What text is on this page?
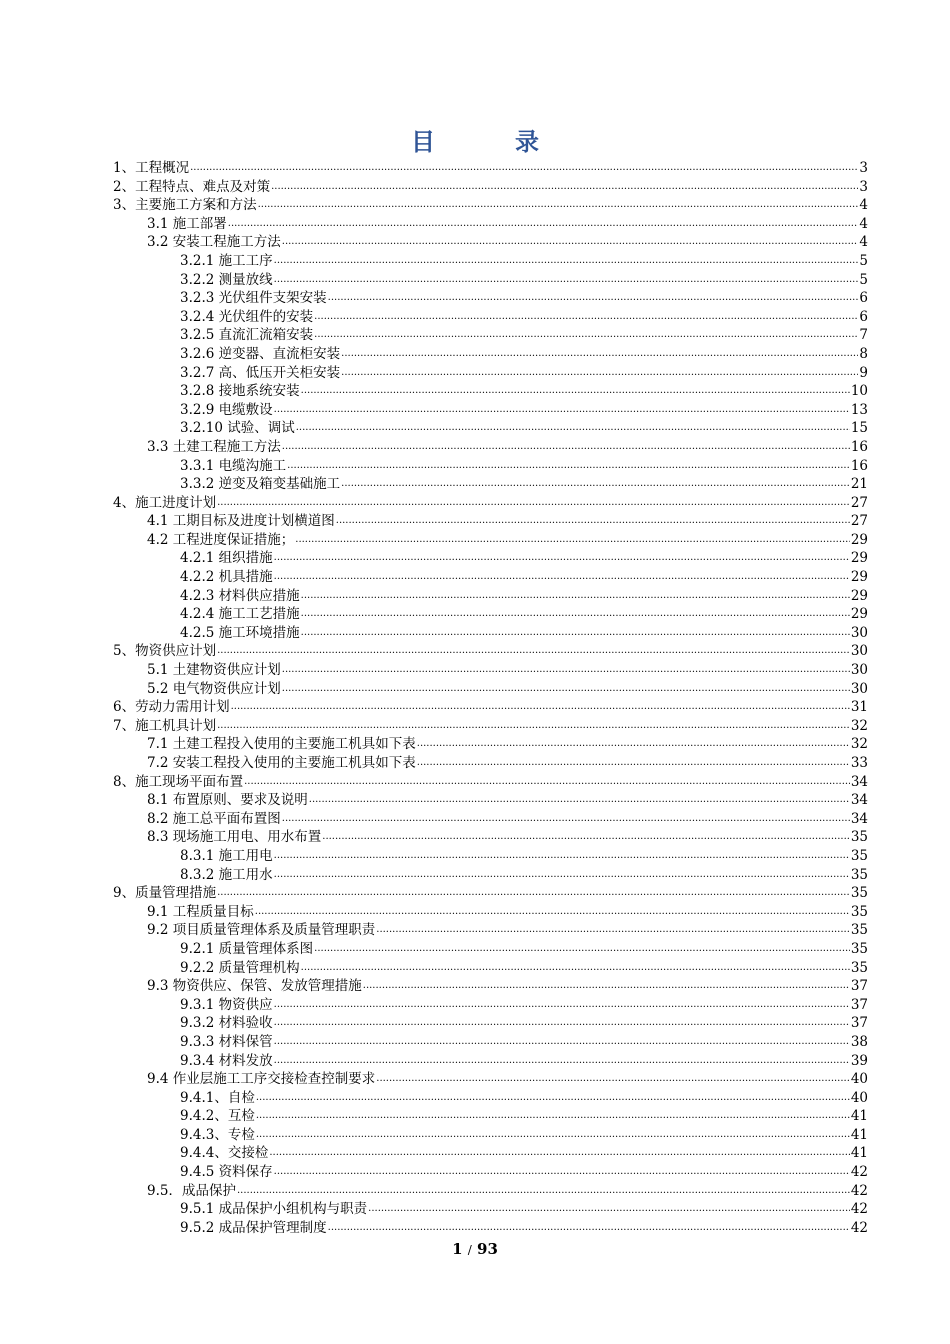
目　录
1、工程概况 .....	3
2、工程特点、难点及对策 .....	3
3、主要施工方案和方法 .....	4
3.1 施工部署 .....	4
3.2 安装工程施工方法 .....	4
3.2.1 施工工序 .....	5
3.2.2 测量放线 .....	5
3.2.3 光伏组件支架安装 .....	6
3.2.4 光伏组件的安装 .....	6
3.2.5 直流汇流箱安装 .....	7
3.2.6 逆变器、直流柜安装 .....	8
3.2.7 高、低压开关柜安装 .....	9
3.2.8 接地系统安装 .....	10
3.2.9 电缆敷设 .....	13
3.2.10 试验、调试 .....	15
3.3 土建工程施工方法 .....	16
3.3.1 电缆沟施工 .....	16
3.3.2 逆变及箱变基础施工 .....	21
4、施工进度计划 .....	27
4.1 工期目标及进度计划横道图 .....	27
4.2 工程进度保证措施； .....	29
4.2.1 组织措施 .....	29
4.2.2 机具措施 .....	29
4.2.3 材料供应措施 .....	29
4.2.4 施工工艺措施 .....	29
4.2.5 施工环境措施 .....	30
5、物资供应计划 .....	30
5.1 土建物资供应计划 .....	30
5.2 电气物资供应计划 .....	30
6、劳动力需用计划 .....	31
7、施工机具计划 .....	32
7.1 土建工程投入使用的主要施工机具如下表 .....	32
7.2 安装工程投入使用的主要施工机具如下表 .....	33
8、施工现场平面布置 .....	34
8.1 布置原则、要求及说明 .....	34
8.2 施工总平面布置图 .....	34
8.3 现场施工用电、用水布置 .....	35
8.3.1 施工用电 .....	35
8.3.2 施工用水 .....	35
9、质量管理措施 .....	35
9.1 工程质量目标 .....	35
9.2 项目质量管理体系及质量管理职责 .....	35
9.2.1 质量管理体系图 .....	35
9.2.2 质量管理机构 .....	35
9.3 物资供应、保管、发放管理措施 .....	37
9.3.1 物资供应 .....	37
9.3.2 材料验收 .....	37
9.3.3 材料保管 .....	38
9.3.4 材料发放 .....	39
9.4 作业层施工工序交接检查控制要求 .....	40
9.4.1、自检 .....	40
9.4.2、互检 .....	41
9.4.3、专检 .....	41
9.4.4、交接检 .....	41
9.4.5 资料保存 .....	42
9.5．成品保护 .....	42
9.5.1 成品保护小组机构与职责 .....	42
9.5.2 成品保护管理制度 .....	42
1 / 93
